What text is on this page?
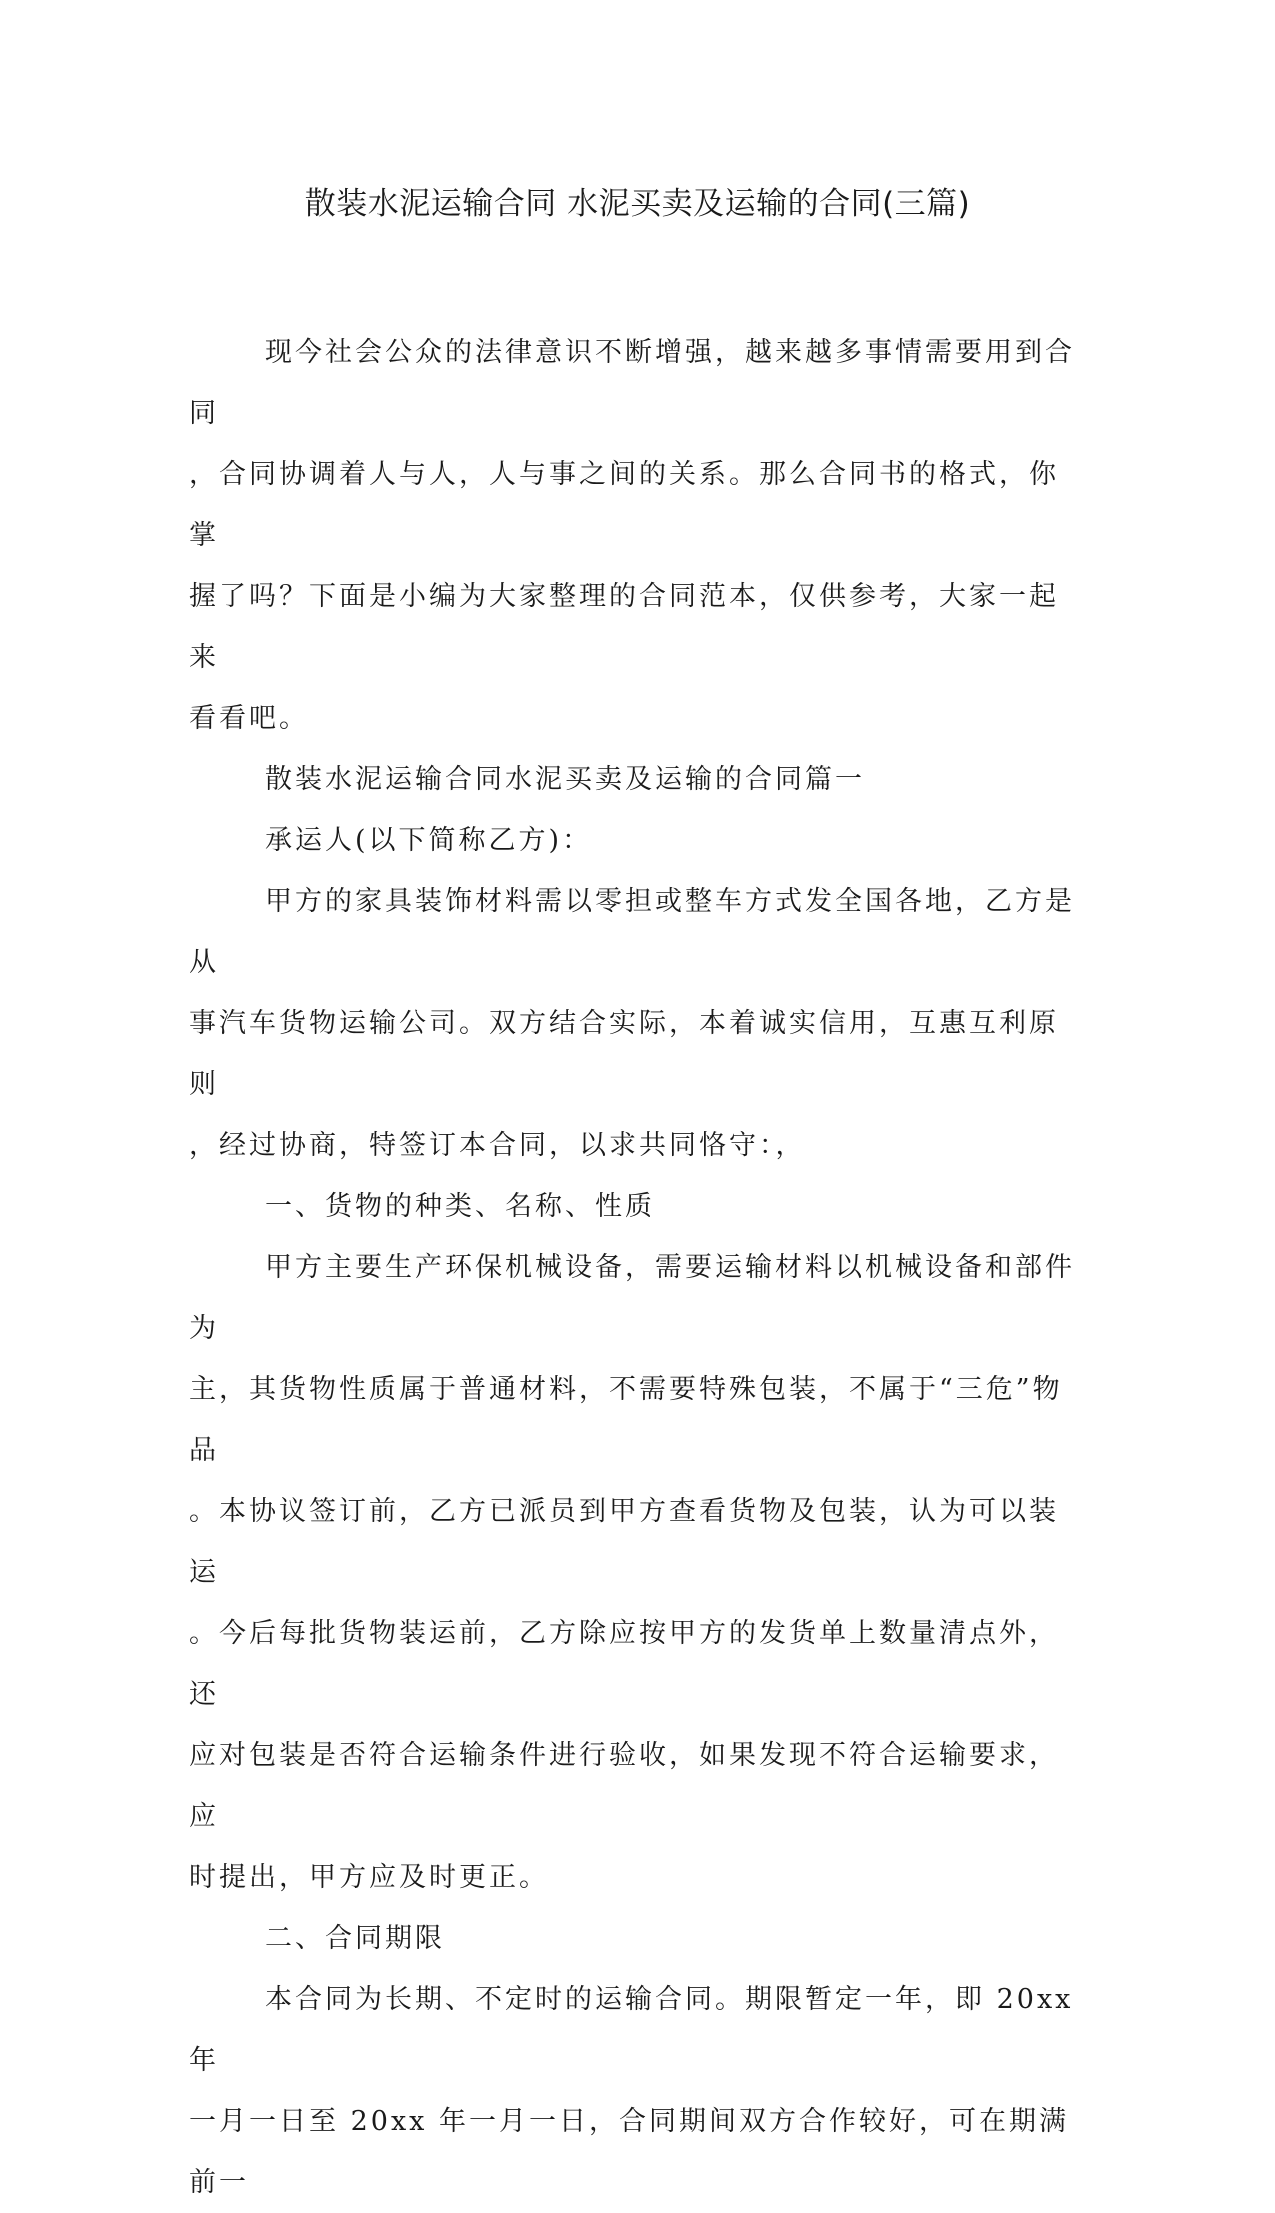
散装水泥运输合同 水泥买卖及运输的合同(三篇)

现今社会公众的法律意识不断增强，越来越多事情需要用到合同
，合同协调着人与人，人与事之间的关系。那么合同书的格式，你掌
握了吗？下面是小编为大家整理的合同范本，仅供参考，大家一起来
看看吧。

散装水泥运输合同水泥买卖及运输的合同篇一

承运人(以下简称乙方)：

甲方的家具装饰材料需以零担或整车方式发全国各地，乙方是从
事汽车货物运输公司。双方结合实际，本着诚实信用，互惠互利原则
，经过协商，特签订本合同，以求共同恪守：，

一、货物的种类、名称、性质

甲方主要生产环保机械设备，需要运输材料以机械设备和部件为
主，其货物性质属于普通材料，不需要特殊包装，不属于“三危”物品
。本协议签订前，乙方已派员到甲方查看货物及包装，认为可以装运
。今后每批货物装运前，乙方除应按甲方的发货单上数量清点外，还
应对包装是否符合运输条件进行验收，如果发现不符合运输要求，应
时提出，甲方应及时更正。

二、合同期限

本合同为长期、不定时的运输合同。期限暂定一年，即 20xx 年
一月一日至 20xx 年一月一日，合同期间双方合作较好，可在期满前一
